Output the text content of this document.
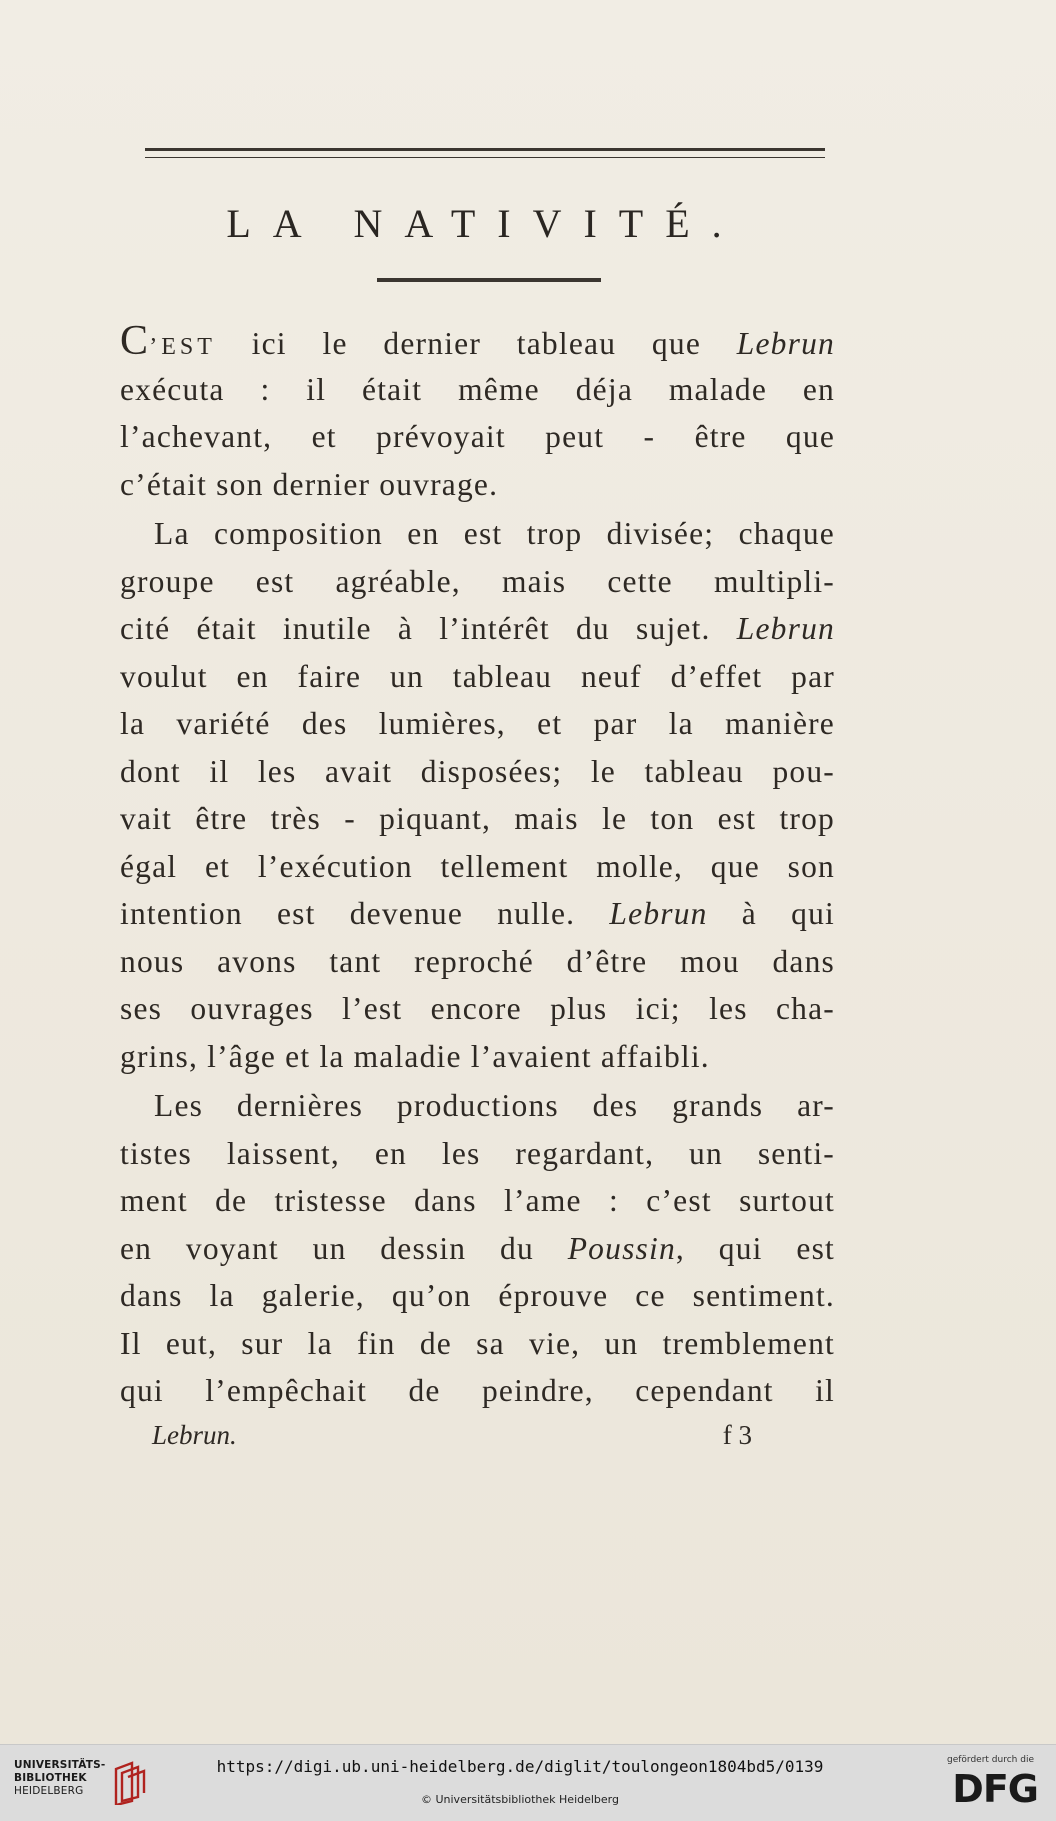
LA NATIVITÉ.
C’EST ici le dernier tableau que Lebrun
exécuta : il était même déja malade en
l’achevant, et prévoyait peut - être que
c’était son dernier ouvrage.
La composition en est trop divisée; chaque
groupe est agréable, mais cette multipli-
cité était inutile à l’intérêt du sujet. Lebrun
voulut en faire un tableau neuf d’effet par
la variété des lumières, et par la manière
dont il les avait disposées; le tableau pou-
vait être très - piquant, mais le ton est trop
égal et l’exécution tellement molle, que son
intention est devenue nulle. Lebrun à qui
nous avons tant reproché d’être mou dans
ses ouvrages l’est encore plus ici; les cha-
grins, l’âge et la maladie l’avaient affaibli.
Les dernières productions des grands ar-
tistes laissent, en les regardant, un senti-
ment de tristesse dans l’ame : c’est surtout
en voyant un dessin du Poussin, qui est
dans la galerie, qu’on éprouve ce sentiment.
Il eut, sur la fin de sa vie, un tremblement
qui l’empêchait de peindre, cependant il
Lebrun.	f 3
UNIVERSITÄTS-
BIBLIOTHEK
HEIDELBERG
https://digi.ub.uni-heidelberg.de/diglit/toulongeon1804bd5/0139
© Universitätsbibliothek Heidelberg
gefördert durch die
DFG
